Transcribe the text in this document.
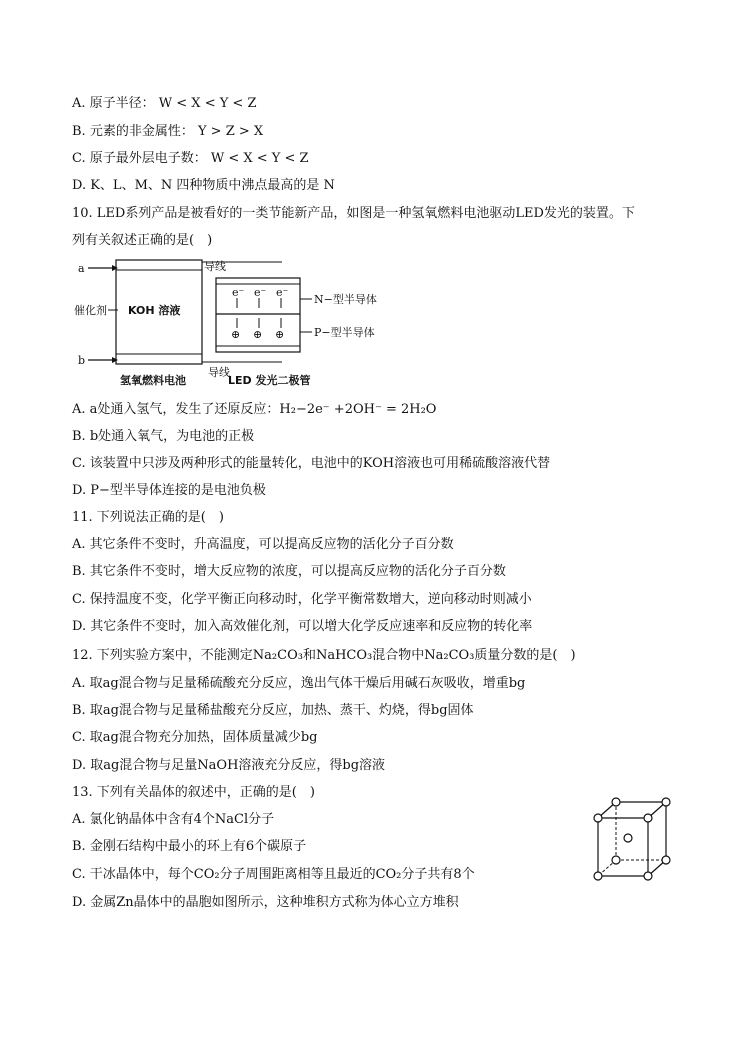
A. 原子半径： W < X < Y < Z
B. 元素的非金属性： Y > Z > X
C. 原子最外层电子数： W < X < Y < Z
D. K、L、M、N 四种物质中沸点最高的是 N
10. LED系列产品是被看好的一类节能新产品，如图是一种氢氧燃料电池驱动LED发光的装置。下
列有关叙述正确的是(　)
a
b
催化剂 KOH 溶液
导线
导线
e⁻ e⁻ e⁻
⊕ ⊕ ⊕
N−型半导体
P−型半导体
氢氧燃料电池	LED 发光二极管
A. a处通入氢气，发生了还原反应：H₂−2e⁻ +2OH⁻ = 2H₂O
B. b处通入氧气，为电池的正极
C. 该装置中只涉及两种形式的能量转化，电池中的KOH溶液也可用稀硫酸溶液代替
D. P−型半导体连接的是电池负极
11. 下列说法正确的是(　)
A. 其它条件不变时，升高温度，可以提高反应物的活化分子百分数
B. 其它条件不变时，增大反应物的浓度，可以提高反应物的活化分子百分数
C. 保持温度不变，化学平衡正向移动时，化学平衡常数增大，逆向移动时则减小
D. 其它条件不变时，加入高效催化剂，可以增大化学反应速率和反应物的转化率
12. 下列实验方案中，不能测定Na₂CO₃和NaHCO₃混合物中Na₂CO₃质量分数的是(　)
A. 取ag混合物与足量稀硫酸充分反应，逸出气体干燥后用碱石灰吸收，增重bg
B. 取ag混合物与足量稀盐酸充分反应，加热、蒸干、灼烧，得bg固体
C. 取ag混合物充分加热，固体质量减少bg
D. 取ag混合物与足量NaOH溶液充分反应，得bg溶液
13. 下列有关晶体的叙述中，正确的是(　)
A. 氯化钠晶体中含有4个NaCl分子
B. 金刚石结构中最小的环上有6个碳原子
C. 干冰晶体中，每个CO₂分子周围距离相等且最近的CO₂分子共有8个
D. 金属Zn晶体中的晶胞如图所示，这种堆积方式称为体心立方堆积
